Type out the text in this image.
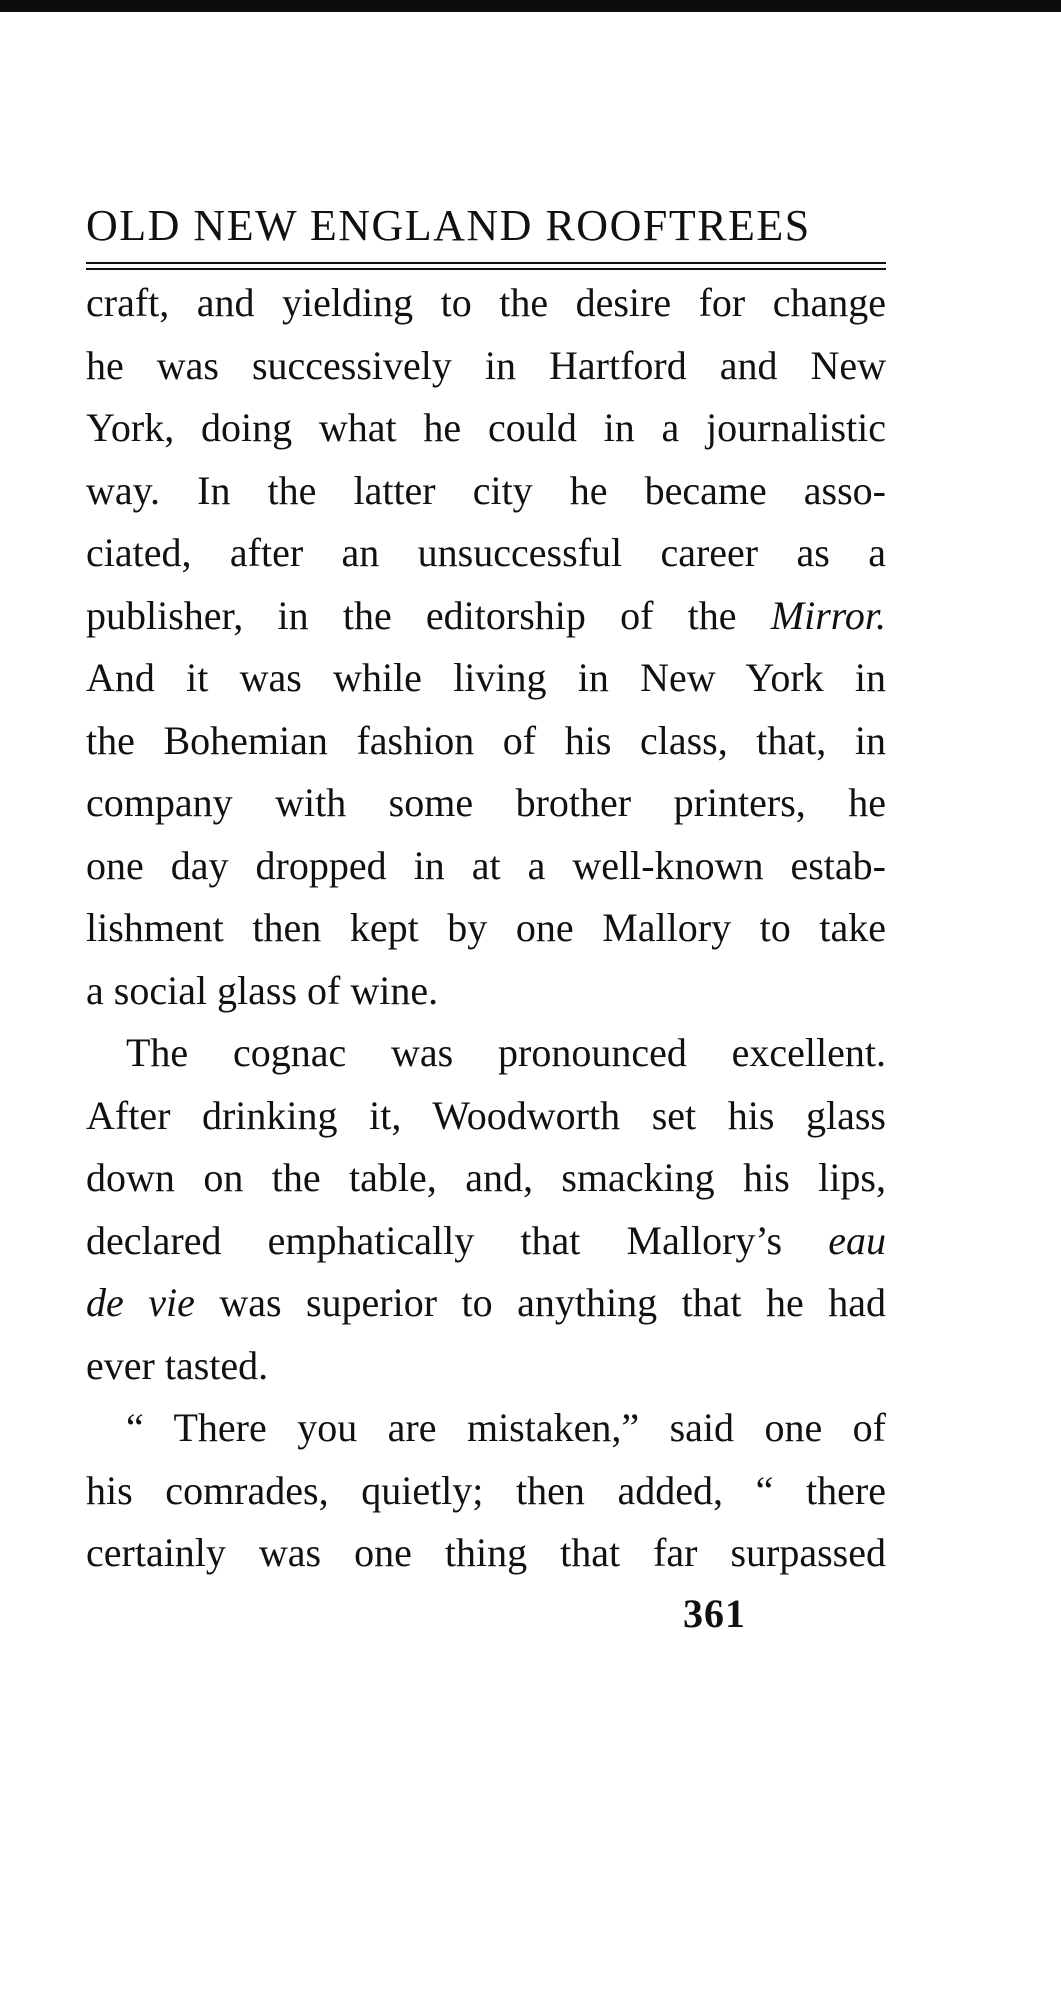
OLD NEW ENGLAND ROOFTREES
craft, and yielding to the desire for change
he was successively in Hartford and New
York, doing what he could in a journalistic
way. In the latter city he became asso-
ciated, after an unsuccessful career as a
publisher, in the editorship of the Mirror.
And it was while living in New York in
the Bohemian fashion of his class, that, in
company with some brother printers, he
one day dropped in at a well-known estab-
lishment then kept by one Mallory to take
a social glass of wine.
The cognac was pronounced excellent.
After drinking it, Woodworth set his glass
down on the table, and, smacking his lips,
declared emphatically that Mallory’s eau
de vie was superior to anything that he had
ever tasted.
“ There you are mistaken,” said one of
his comrades, quietly; then added, “ there
certainly was one thing that far surpassed
361
